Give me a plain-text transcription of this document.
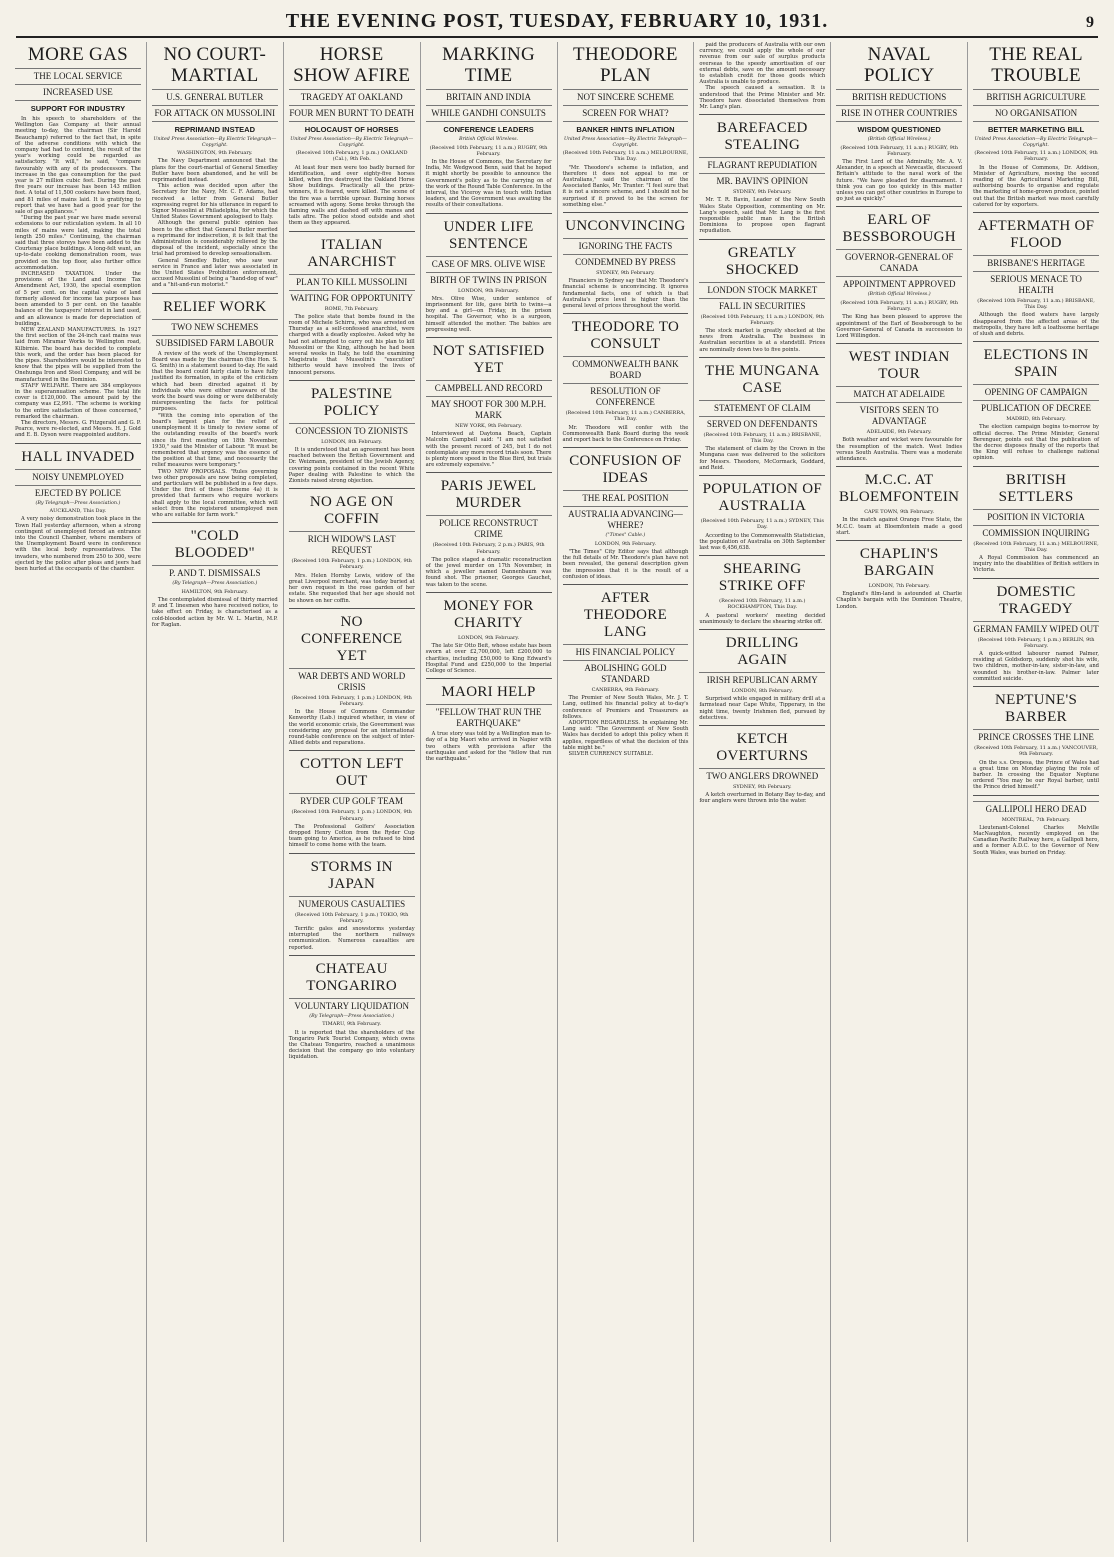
THE EVENING POST, TUESDAY, FEBRUARY 10, 1931.	9
MORE GAS
THE LOCAL SERVICE
INCREASED USE
SUPPORT FOR INDUSTRY

In his speech to shareholders of the Wellington Gas Company at their annual meeting to-day, the chairman (Sir Harold Beauchamp) referred to the fact that, in spite of the adverse conditions with which the company had had to contend, the result of the year's working could be regarded as satisfactory. "It will," he said, "compare favourably with any of its predecessors. The increase in the gas consumption for the past year is 27 million cubic feet. During the past five years our increase has been 143 million feet. A total of 11,500 cookers have been fixed, and 81 miles of mains laid. It is gratifying to report that we have had a good year for the sale of gas appliances."

"During the past year we have made several extensions to our reticulation system. In all 10 miles of mains were laid, making the total length 250 miles." Continuing, the chairman said that three storeys have been added to the Courtenay place buildings. A long-felt want, an up-to-date cooking demonstration room, was provided on the top floor, also further office accommodation.

INCREASED TAXATION. Under the provisions of the Land and Income Tax Amendment Act, 1930, the special exemption of 5 per cent. on the capital value of land formerly allowed for income tax purposes has been amended to 5 per cent. on the taxable balance of the taxpayers' interest in land used, and an allowance is made for depreciation of buildings.

NEW ZEALAND MANUFACTURES. In 1927 the first section of the 24-inch cast mains was laid from Miramar Works to Wellington road, Kilbirnie. The board has decided to complete this work, and the order has been placed for the pipes. Shareholders would be interested to know that the pipes will be supplied from the Onehunga Iron and Steel Company, and will be manufactured in the Dominion.

STAFF WELFARE. There are 384 employees in the superannuation scheme. The total life cover is £120,000. The amount paid by the company was £2,991. "The scheme is working to the entire satisfaction of those concerned," remarked the chairman.

The directors, Messrs. G. Fitzgerald and G. P. Pearce, were re-elected, and Messrs. H. J. Gold and E. B. Dyson were reappointed auditors.

HALL INVADED
NOISY UNEMPLOYED
EJECTED BY POLICE
(By Telegraph—Press Association.)
AUCKLAND, This Day.

A very noisy demonstration took place in the Town Hall yesterday afternoon, when a strong contingent of unemployed forced an entrance into the Council Chamber, where members of the Unemployment Board were in conference with the local body representatives. The invaders, who numbered from 250 to 300, were ejected by the police after pleas and jeers had been hurled at the occupants of the chamber.

NO COURT-MARTIAL
U.S. GENERAL BUTLER
FOR ATTACK ON MUSSOLINI
REPRIMAND INSTEAD
United Press Association—By Electric Telegraph—Copyright.
WASHINGTON, 9th February.

The Navy Department announced that the plans for the court-martial of General Smedley Butler have been abandoned, and he will be reprimanded instead.

This action was decided upon after the Secretary for the Navy, Mr. C. F. Adams, had received a letter from General Butler expressing regret for his utterance in regard to Signor Mussolini at Philadelphia, for which the United States Government apologised to Italy.

Although the general public opinion has been to the effect that General Butler merited a reprimand for indiscretion, it is felt that the Administration is considerably relieved by the disposal of the incident, especially since the trial had promised to develop sensationalism.

General Smedley Butler, who saw war service in France and later was associated in the United States Prohibition enforcement, accused Mussolini of being a "hand-dog of war" and a "hit-and-run motorist."

RELIEF WORK
TWO NEW SCHEMES
SUBSIDISED FARM LABOUR

A review of the work of the Unemployment Board was made by the chairman (the Hon. S. G. Smith) in a statement issued to-day. He said that the board could fairly claim to have fully justified its formation, in spite of the criticism which had been directed against it by individuals who were either unaware of the work the board was doing or were deliberately misrepresenting the facts for political purposes.

"With the coming into operation of the board's largest plan for the relief of unemployment it is timely to review some of the outstanding results of the board's work since its first meeting on 18th November, 1930," said the Minister of Labour. "It must be remembered that urgency was the essence of the position at that time, and necessarily the relief measures were temporary."

TWO NEW PROPOSALS. "Rules governing two other proposals are now being completed, and particulars will be published in a few days. Under the first of these (Scheme 4a) it is provided that farmers who require workers shall apply to the local committee, which will select from the registered unemployed men who are suitable for farm work."

"COLD BLOODED"
P. AND T. DISMISSALS
(By Telegraph—Press Association.)
HAMILTON, 9th February.

The contemplated dismissal of thirty married P. and T. linesmen who have received notice, to take effect on Friday, is characterised as a cold-blooded action by Mr. W. L. Martin, M.P. for Raglan.

HORSE SHOW AFIRE
TRAGEDY AT OAKLAND
FOUR MEN BURNT TO DEATH
HOLOCAUST OF HORSES
United Press Association—By Electric Telegraph—Copyright.
(Received 10th February, 1 p.m.) OAKLAND (Cal.), 9th Feb.

At least four men were too badly burned for identification, and over eighty-five horses killed, when fire destroyed the Oakland Horse Show buildings. Practically all the prize-winners, it is feared, were killed. The scene of the fire was a terrible uproar. Burning horses screamed with agony. Some broke through the flaming walls and dashed off with manes and tails afire. The police stood outside and shot them as they appeared.

ITALIAN ANARCHIST
PLAN TO KILL MUSSOLINI
WAITING FOR OPPORTUNITY
ROME, 7th February.

The police state that bombs found in the room of Michele Schirru, who was arrested on Thursday as a self-confessed anarchist, were charged with a deadly explosive. Asked why he had not attempted to carry out his plan to kill Mussolini or the King, although he had been several weeks in Italy, he told the examining Magistrate that Mussolini's "execution" hitherto would have involved the lives of innocent persons.

PALESTINE POLICY
CONCESSION TO ZIONISTS
LONDON, 8th February.

It is understood that an agreement has been reached between the British Government and Dr. Weizmann, president of the Jewish Agency, covering points contained in the recent White Paper dealing with Palestine to which the Zionists raised strong objection.

NO AGE ON COFFIN
RICH WIDOW'S LAST REQUEST
(Received 10th February, 1 p.m.) LONDON, 9th February.

Mrs. Helen Hornby Lewis, widow of the great Liverpool merchant, was today buried at her own request in the rose garden of her estate. She requested that her age should not be shown on her coffin.

NO CONFERENCE YET
WAR DEBTS AND WORLD CRISIS
(Received 10th February, 1 p.m.) LONDON, 9th February.

In the House of Commons Commander Kenworthy (Lab.) inquired whether, in view of the world economic crisis, the Government was considering any proposal for an international round-table conference on the subject of inter-Allied debts and reparations.

COTTON LEFT OUT
RYDER CUP GOLF TEAM
(Received 10th February, 1 p.m.) LONDON, 9th February.

The Professional Golfers' Association dropped Henry Cotton from the Ryder Cup team going to America, as he refused to bind himself to come home with the team.

STORMS IN JAPAN
NUMEROUS CASUALTIES
(Received 10th February, 1 p.m.) TOKIO, 9th February.

Terrific gales and snowstorms yesterday interrupted the northern railways communication. Numerous casualties are reported.

CHATEAU TONGARIRO
VOLUNTARY LIQUIDATION
(By Telegraph—Press Association.)
TIMARU, 9th February.

It is reported that the shareholders of the Tongariro Park Tourist Company, which owns the Chateau Tongariro, reached a unanimous decision that the company go into voluntary liquidation.

MARKING TIME
BRITAIN AND INDIA
WHILE GANDHI CONSULTS
CONFERENCE LEADERS
British Official Wireless.
(Received 10th February, 11 a.m.) RUGBY, 9th February.

In the House of Commons, the Secretary for India, Mr. Wedgwood Benn, said that he hoped it might shortly be possible to announce the Government's policy as to the carrying on of the work of the Round Table Conference. In the interval, the Viceroy was in touch with Indian leaders, and the Government was awaiting the results of their consultations.

UNDER LIFE SENTENCE
CASE OF MRS. OLIVE WISE
BIRTH OF TWINS IN PRISON
LONDON, 9th February.

Mrs. Olive Wise, under sentence of imprisonment for life, gave birth to twins—a boy and a girl—on Friday, in the prison hospital. The Governor, who is a surgeon, himself attended the mother. The babies are progressing well.

NOT SATISFIED YET
CAMPBELL AND RECORD
MAY SHOOT FOR 300 M.P.H. MARK
NEW YORK, 9th February.

Interviewed at Daytona Beach, Captain Malcolm Campbell said: "I am not satisfied with the present record of 245, but I do not contemplate any more record trials soon. There is plenty more speed in the Blue Bird, but trials are extremely expensive."

PARIS JEWEL MURDER
POLICE RECONSTRUCT CRIME
(Received 10th February, 2 p.m.) PARIS, 9th February.

The police staged a dramatic reconstruction of the jewel murder on 17th November, in which a jeweller named Dannenbaum was found shot. The prisoner, Georges Gauchet, was taken to the scene.

MONEY FOR CHARITY
LONDON, 9th February.

The late Sir Otto Beit, whose estate has been sworn at over £2,700,000, left £200,000 to charities, including £50,000 to King Edward's Hospital Fund and £250,000 to the Imperial College of Science.

MAORI HELP
"FELLOW THAT RUN THE EARTHQUAKE"

A true story was told by a Wellington man to-day of a big Maori who arrived in Napier with two others with provisions after the earthquake and asked for the "fellow that run the earthquake."

THEODORE PLAN
NOT SINCERE SCHEME
SCREEN FOR WHAT?
BANKER HINTS INFLATION
United Press Association—By Electric Telegraph—Copyright.
(Received 10th February, 11 a.m.) MELBOURNE, This Day.

"Mr. Theodore's scheme is inflation, and therefore it does not appeal to me or Australians," said the chairman of the Associated Banks, Mr. Tranter. "I feel sure that it is not a sincere scheme, and I should not be surprised if it proved to be the screen for something else."

UNCONVINCING
IGNORING THE FACTS
CONDEMNED BY PRESS
SYDNEY, 9th February.

Financiers in Sydney say that Mr. Theodore's financial scheme is unconvincing. It ignores fundamental facts, one of which is that Australia's price level is higher than the general level of prices throughout the world.

THEODORE TO CONSULT
COMMONWEALTH BANK BOARD
RESOLUTION OF CONFERENCE
(Received 10th February, 11 a.m.) CANBERRA, This Day.

Mr. Theodore will confer with the Commonwealth Bank Board during the week and report back to the Conference on Friday.

CONFUSION OF IDEAS
THE REAL POSITION
AUSTRALIA ADVANCING—WHERE?
("Times" Cable.)
LONDON, 9th February.

"The Times" City Editor says that although the full details of Mr. Theodore's plan have not been revealed, the general description given the impression that it is the result of a confusion of ideas.

AFTER THEODORE LANG
HIS FINANCIAL POLICY
ABOLISHING GOLD STANDARD
CANBERRA, 9th February.

The Premier of New South Wales, Mr. J. T. Lang, outlined his financial policy at to-day's conference of Premiers and Treasurers as follows.

ADOPTION REGARDLESS. In explaining Mr. Lang said: "The Government of New South Wales has decided to adopt this policy when it applies, regardless of what the decision of this table might be."

SILVER CURRENCY SUITABLE.

paid the producers of Australia with our own currency, we could apply the whole of our revenue from our sale of surplus products overseas to the speedy amortisation of our external debts, save on the amount necessary to establish credit for those goods which Australia is unable to produce.

The speech caused a sensation. It is understood that the Prime Minister and Mr. Theodore have dissociated themselves from Mr. Lang's plan.

BAREFACED STEALING
FLAGRANT REPUDIATION
MR. BAVIN'S OPINION
SYDNEY, 9th February.

Mr. T. R. Bavin, Leader of the New South Wales State Opposition, commenting on Mr. Lang's speech, said that Mr. Lang is the first responsible public man in the British Dominions to propose open flagrant repudiation.

GREATLY SHOCKED
LONDON STOCK MARKET
FALL IN SECURITIES
(Received 10th February, 11 a.m.) LONDON, 9th February.

The stock market is greatly shocked at the news from Australia. The business in Australian securities is at a standstill. Prices are nominally down two to five points.

THE MUNGANA CASE
STATEMENT OF CLAIM
SERVED ON DEFENDANTS
(Received 10th February, 11 a.m.) BRISBANE, This Day.

The statement of claim by the Crown in the Mungana case was delivered to the solicitors for Messrs. Theodore, McCormack, Goddard, and Reid.

POPULATION OF AUSTRALIA
(Received 10th February, 11 a.m.) SYDNEY, This Day.

According to the Commonwealth Statistician, the population of Australia on 30th September last was 6,456,638.

SHEARING STRIKE OFF
(Received 10th February, 11 a.m.) ROCKHAMPTON, This Day.

A pastoral workers' meeting decided unanimously to declare the shearing strike off.

DRILLING AGAIN
IRISH REPUBLICAN ARMY
LONDON, 8th February.

Surprised while engaged in military drill at a farmstead near Cape White, Tipperary, in the night time, twenty Irishmen fled, pursued by detectives.

KETCH OVERTURNS
TWO ANGLERS DROWNED
SYDNEY, 9th February.

A ketch overturned in Botany Bay to-day, and four anglers were thrown into the water.

NAVAL POLICY
BRITISH REDUCTIONS
RISE IN OTHER COUNTRIES
WISDOM QUESTIONED
(British Official Wireless.)
(Received 10th February, 11 a.m.) RUGBY, 9th February.

The First Lord of the Admiralty, Mr. A. V. Alexander, in a speech at Newcastle, discussed Britain's attitude to the naval work of the future. "We have pleaded for disarmament. I think you can go too quickly in this matter unless you can get other countries in Europe to go just as quickly."

EARL OF BESSBOROUGH
GOVERNOR-GENERAL OF CANADA
APPOINTMENT APPROVED
(British Official Wireless.)
(Received 10th February, 11 a.m.) RUGBY, 9th February.

The King has been pleased to approve the appointment of the Earl of Bessborough to be Governor-General of Canada in succession to Lord Willingdon.

WEST INDIAN TOUR
MATCH AT ADELAIDE
VISITORS SEEN TO ADVANTAGE
ADELAIDE, 9th February.

Both weather and wicket were favourable for the resumption of the match. West Indies versus South Australia. There was a moderate attendance.

M.C.C. AT BLOEMFONTEIN
CAPE TOWN, 9th February.

In the match against Orange Free State, the M.C.C. team at Bloemfontein made a good start.

CHAPLIN'S BARGAIN
LONDON, 7th February.

England's film-land is astounded at Charlie Chaplin's bargain with the Dominion Theatre, London.

THE REAL TROUBLE
BRITISH AGRICULTURE
NO ORGANISATION
BETTER MARKETING BILL
United Press Association—By Electric Telegraph—Copyright.
(Received 10th February, 11 a.m.) LONDON, 9th February.

In the House of Commons, Dr. Addison, Minister of Agriculture, moving the second reading of the Agricultural Marketing Bill, authorising boards to organise and regulate the marketing of home-grown produce, pointed out that the British market was most carefully catered for by exporters.

AFTERMATH OF FLOOD
BRISBANE'S HERITAGE
SERIOUS MENACE TO HEALTH
(Received 10th February, 11 a.m.) BRISBANE, This Day.

Although the flood waters have largely disappeared from the affected areas of the metropolis, they have left a loathsome heritage of slush and debris.

ELECTIONS IN SPAIN
OPENING OF CAMPAIGN
PUBLICATION OF DECREE
MADRID, 8th February.

The election campaign begins to-morrow by official decree. The Prime Minister, General Berenguer, points out that the publication of the decree disposes finally of the reports that the King will refuse to challenge national opinion.

BRITISH SETTLERS
POSITION IN VICTORIA
COMMISSION INQUIRING
(Received 10th February, 11 a.m.) MELBOURNE, This Day.

A Royal Commission has commenced an inquiry into the disabilities of British settlers in Victoria.

DOMESTIC TRAGEDY
GERMAN FAMILY WIPED OUT
(Received 10th February, 1 p.m.) BERLIN, 9th February.

A quick-witted labourer named Palmer, residing at Goldsdorp, suddenly shot his wife, two children, mother-in-law, sister-in-law, and wounded his brother-in-law. Palmer later committed suicide.

NEPTUNE'S BARBER
PRINCE CROSSES THE LINE
(Received 10th February, 11 a.m.) VANCOUVER, 9th February.

On the s.s. Oropesa, the Prince of Wales had a great time on Monday playing the role of barber. In crossing the Equator Neptune ordered "You may be our Royal barber, until the Prince dried himself."

GALLIPOLI HERO DEAD
MONTREAL, 7th February.

Lieutenant-Colonel Charles Melville MacNaughton, recently employed on the Canadian Pacific Railway here, a Gallipoli hero, and a former A.D.C. to the Governor of New South Wales, was buried on Friday.
